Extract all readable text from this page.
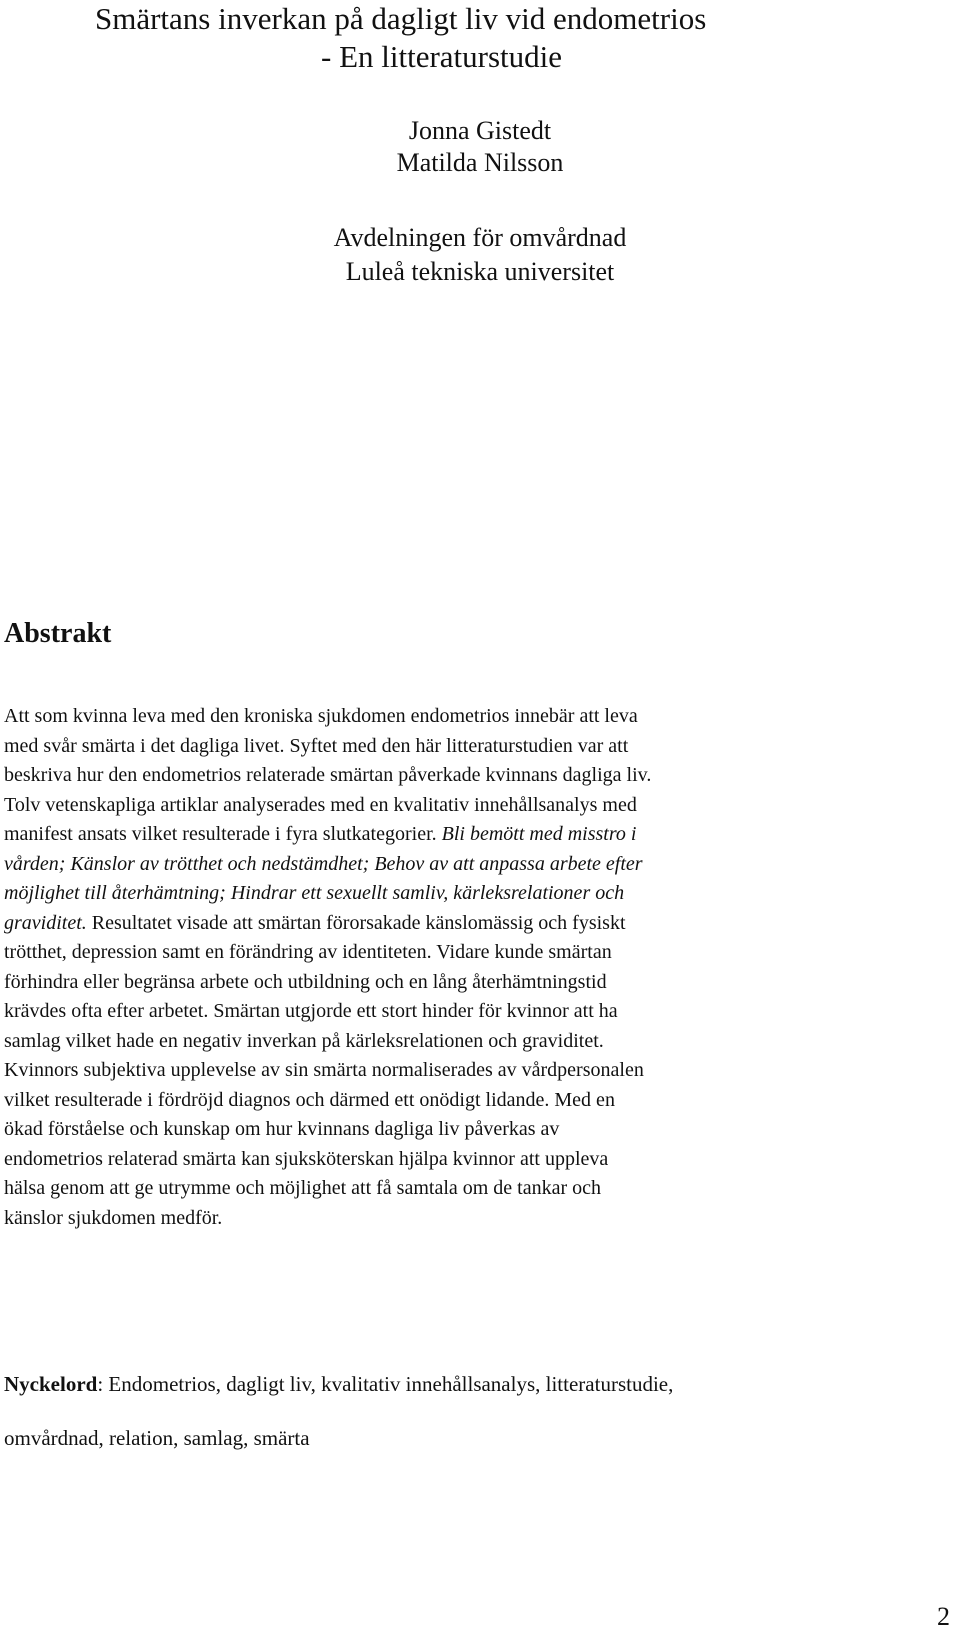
Smärtans inverkan på dagligt liv vid endometrios
- En litteraturstudie
Jonna Gistedt
Matilda Nilsson
Avdelningen för omvårdnad
Luleå tekniska universitet
Abstrakt
Att som kvinna leva med den kroniska sjukdomen endometrios innebär att leva
med svår smärta i det dagliga livet. Syftet med den här litteraturstudien var att
beskriva hur den endometrios relaterade smärtan påverkade kvinnans dagliga liv.
Tolv vetenskapliga artiklar analyserades med en kvalitativ innehållsanalys med
manifest ansats vilket resulterade i fyra slutkategorier. Bli bemött med misstro i
vården; Känslor av trötthet och nedstämdhet; Behov av att anpassa arbete efter
möjlighet till återhämtning; Hindrar ett sexuellt samliv, kärleksrelationer och
graviditet. Resultatet visade att smärtan förorsakade känslomässig och fysiskt
trötthet, depression samt en förändring av identiteten. Vidare kunde smärtan
förhindra eller begränsa arbete och utbildning och en lång återhämtningstid
krävdes ofta efter arbetet. Smärtan utgjorde ett stort hinder för kvinnor att ha
samlag vilket hade en negativ inverkan på kärleksrelationen och graviditet.
Kvinnors subjektiva upplevelse av sin smärta normaliserades av vårdpersonalen
vilket resulterade i fördröjd diagnos och därmed ett onödigt lidande. Med en
ökad förståelse och kunskap om hur kvinnans dagliga liv påverkas av
endometrios relaterad smärta kan sjuksköterskan hjälpa kvinnor att uppleva
hälsa genom att ge utrymme och möjlighet att få samtala om de tankar och
känslor sjukdomen medför.
Nyckelord: Endometrios, dagligt liv, kvalitativ innehållsanalys, litteraturstudie,
omvårdnad, relation, samlag, smärta
2
